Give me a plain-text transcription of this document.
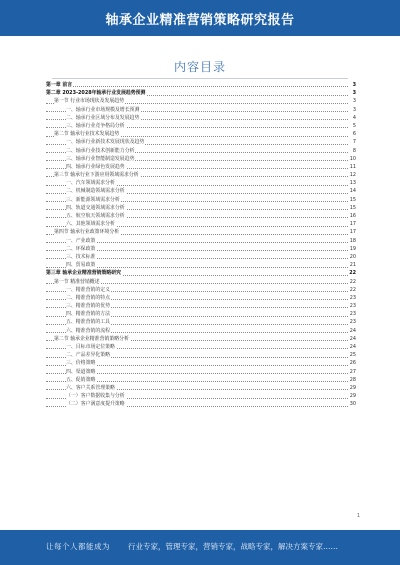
轴承企业精准营销策略研究报告
内容目录
第一章 前言	3
第二章 2023-2028年轴承行业发展趋势预测	3
第一节 行业市场现状及发展趋势	3
一、轴承行业市场规模及增长预测	3
二、轴承行业区域分布及发展趋势	4
三、轴承行业竞争格局分析	5
第二节 轴承行业技术发展趋势	6
一、轴承行业新技术发展现状及趋势	7
二、轴承行业技术创新能力分析	8
三、轴承行业智能制造发展趋势	10
四、轴承行业绿色发展趋势	11
第三节 轴承行业下游应用领域需求分析	12
一、汽车领域需求分析	13
二、机械制造领域需求分析	14
三、新能源领域需求分析	15
四、轨道交通领域需求分析	15
五、航空航天领域需求分析	16
六、其他领域需求分析	17
第四节 轴承行业政策环境分析	17
一、产业政策	18
二、环保政策	19
三、技术标准	20
四、贸易政策	21
第三章 轴承企业精准营销策略研究	22
第一节 精准营销概述	22
一、精准营销的定义	22
二、精准营销的特点	23
三、精准营销的优势	23
四、精准营销的方法	23
五、精准营销的工具	23
六、精准营销的流程	24
第二节 轴承企业精准营销策略分析	24
一、目标市场定位策略	24
二、产品差异化策略	25
三、价格策略	26
四、渠道策略	27
五、促销策略	28
六、客户关系管理策略	29
（一）客户数据收集与分析	29
（二）客户满意度提升策略	30
1
让每个人都能成为 行业专家，管理专家，营销专家，战略专家，解决方案专家……
